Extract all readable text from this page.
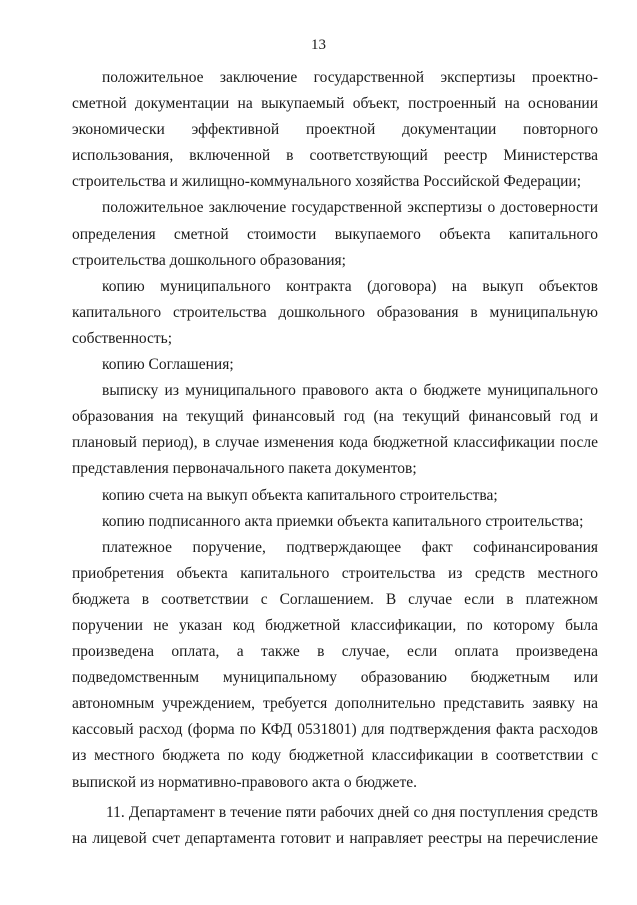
13

положительное заключение государственной экспертизы проектно-сметной документации на выкупаемый объект, построенный на основании экономически эффективной проектной документации повторного использования, включенной в соответствующий реестр Министерства строительства и жилищно-коммунального хозяйства Российской Федерации;

положительное заключение государственной экспертизы о достоверности определения сметной стоимости выкупаемого объекта капитального строительства дошкольного образования;

копию муниципального контракта (договора) на выкуп объектов капитального строительства дошкольного образования в муниципальную собственность;

копию Соглашения;

выписку из муниципального правового акта о бюджете муниципального образования на текущий финансовый год (на текущий финансовый год и плановый период), в случае изменения кода бюджетной классификации после представления первоначального пакета документов;

копию счета на выкуп объекта капитального строительства;

копию подписанного акта приемки объекта капитального строительства;

платежное поручение, подтверждающее факт софинансирования приобретения объекта капитального строительства из средств местного бюджета в соответствии с Соглашением. В случае если в платежном поручении не указан код бюджетной классификации, по которому была произведена оплата, а также в случае, если оплата произведена подведомственным муниципальному образованию бюджетным или автономным учреждением, требуется дополнительно представить заявку на кассовый расход (форма по КФД 0531801) для подтверждения факта расходов из местного бюджета по коду бюджетной классификации в соответствии с выпиской из нормативно-правового акта о бюджете.

11. Департамент в течение пяти рабочих дней со дня поступления средств на лицевой счет департамента готовит и направляет реестры на перечисление
